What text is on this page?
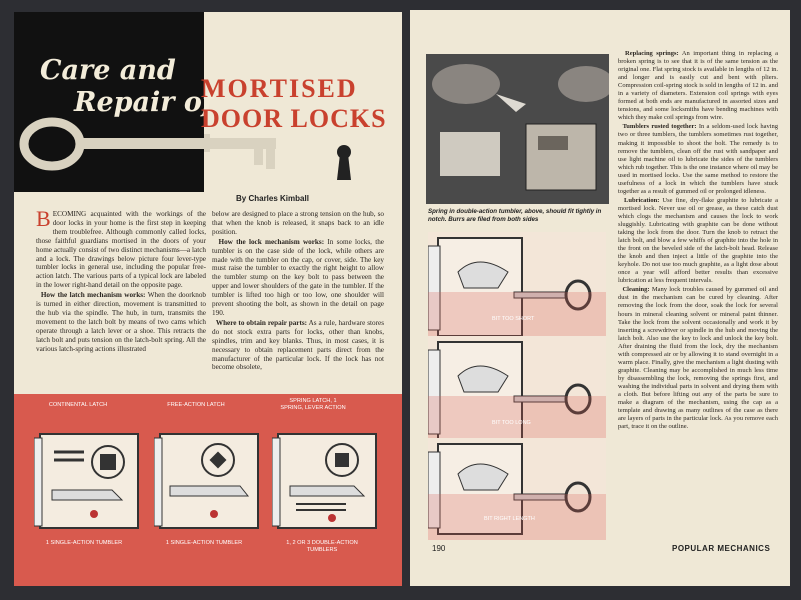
Care and
Repair of
MORTISED
DOOR LOCKS
By Charles Kimball

BECOMING acquainted with the workings of the door locks in your home is the first step in keeping them troublefree. Although commonly called locks, those faithful guardians mortised in the doors of your home actually consist of two distinct mechanisms—a latch and a lock. The drawings below picture four lever-type tumbler locks in general use, including the popular free-action latch. The various parts of a typical lock are labeled in the lower right-hand detail on the opposite page.

How the latch mechanism works: When the doorknob is turned in either direction, movement is transmitted to the hub via the spindle. The hub, in turn, transmits the movement to the latch bolt by means of two cams which operate through a latch lever or a shoe. This retracts the latch bolt and puts tension on the latch-bolt spring. All the various latch-spring actions illustrated

below are designed to place a strong tension on the hub, so that when the knob is released, it snaps back to an idle position.

How the lock mechanism works: In some locks, the tumbler is on the case side of the lock, while others are made with the tumbler on the cap, or cover, side. The key must raise the tumbler to exactly the right height to allow the tumbler stump on the key bolt to pass between the upper and lower shoulders of the gate in the tumbler. If the tumbler is lifted too high or too low, one shoulder will prevent shooting the bolt, as shown in the detail on page 190.

Where to obtain repair parts: As a rule, hardware stores do not stock extra parts for locks, other than knobs, spindles, trim and key blanks. Thus, in most cases, it is necessary to obtain replacement parts direct from the manufacturer of the particular lock. If the lock has not become obsolete,

CONTINENTAL LATCH	FREE-ACTION LATCH
SPRING LATCH, 1 SPRING, LEVER ACTION
1 SINGLE-ACTION TUMBLER	1 SINGLE-ACTION TUMBLER	1, 2 OR 3 DOUBLE-ACTION TUMBLERS
Spring in double-action tumbler, above, should fit tightly in notch. Burrs are filed from both sides
BIT TOO SHORT
BIT TOO LONG
BIT RIGHT LENGTH

Replacing springs: An important thing in replacing a broken spring is to see that it is of the same tension as the original one. Flat spring stock is available in lengths of 12 in. and longer and is easily cut and bent with pliers. Compression coil-spring stock is sold in lengths of 12 in. and in a variety of diameters. Extension coil springs with eyes formed at both ends are manufactured in assorted sizes and tensions, and some locksmiths have bending machines with which they make coil springs from wire.

Tumblers rusted together: In a seldom-used lock having two or three tumblers, the tumblers sometimes rust together, making it impossible to shoot the bolt. The remedy is to remove the tumblers, clean off the rust with sandpaper and use light machine oil to lubricate the sides of the tumblers which rub together. This is the one instance where oil may be used in mortised locks. Use the same method to restore the usefulness of a lock in which the tumblers have stuck together as a result of gummed oil or prolonged idleness.

Lubrication: Use fine, dry-flake graphite to lubricate a mortised lock. Never use oil or grease, as these catch dust which clogs the mechanism and causes the lock to work sluggishly. Lubricating with graphite can be done without taking the lock from the door. Turn the knob to retract the latch bolt, and blow a few whiffs of graphite into the hole in the front on the beveled side of the latch-bolt head. Release the knob and then inject a little of the graphite into the keyhole. Do not use too much graphite, as a light dose about once a year will afford better results than excessive lubrication at less frequent intervals.

Cleaning: Many lock troubles caused by gummed oil and dust in the mechanism can be cured by cleaning. After removing the lock from the door, soak the lock for several hours in mineral cleaning solvent or mineral paint thinner. Take the lock from the solvent occasionally and work it by inserting a screwdriver or spindle in the hub and moving the latch bolt. Also use the key to lock and unlock the key bolt. After draining the fluid from the lock, dry the mechanism with compressed air or by allowing it to stand overnight in a warm place. Finally, give the mechanism a light dusting with graphite. Cleaning may be accomplished in much less time by disassembling the lock, removing the springs first, and washing the individual parts in solvent and drying them with a cloth. But before lifting out any of the parts be sure to make a diagram of the mechanism, using the cap as a template and drawing as many outlines of the case as there are layers of parts in the particular lock. As you remove each part, trace it on the outline.

190	POPULAR MECHANICS
